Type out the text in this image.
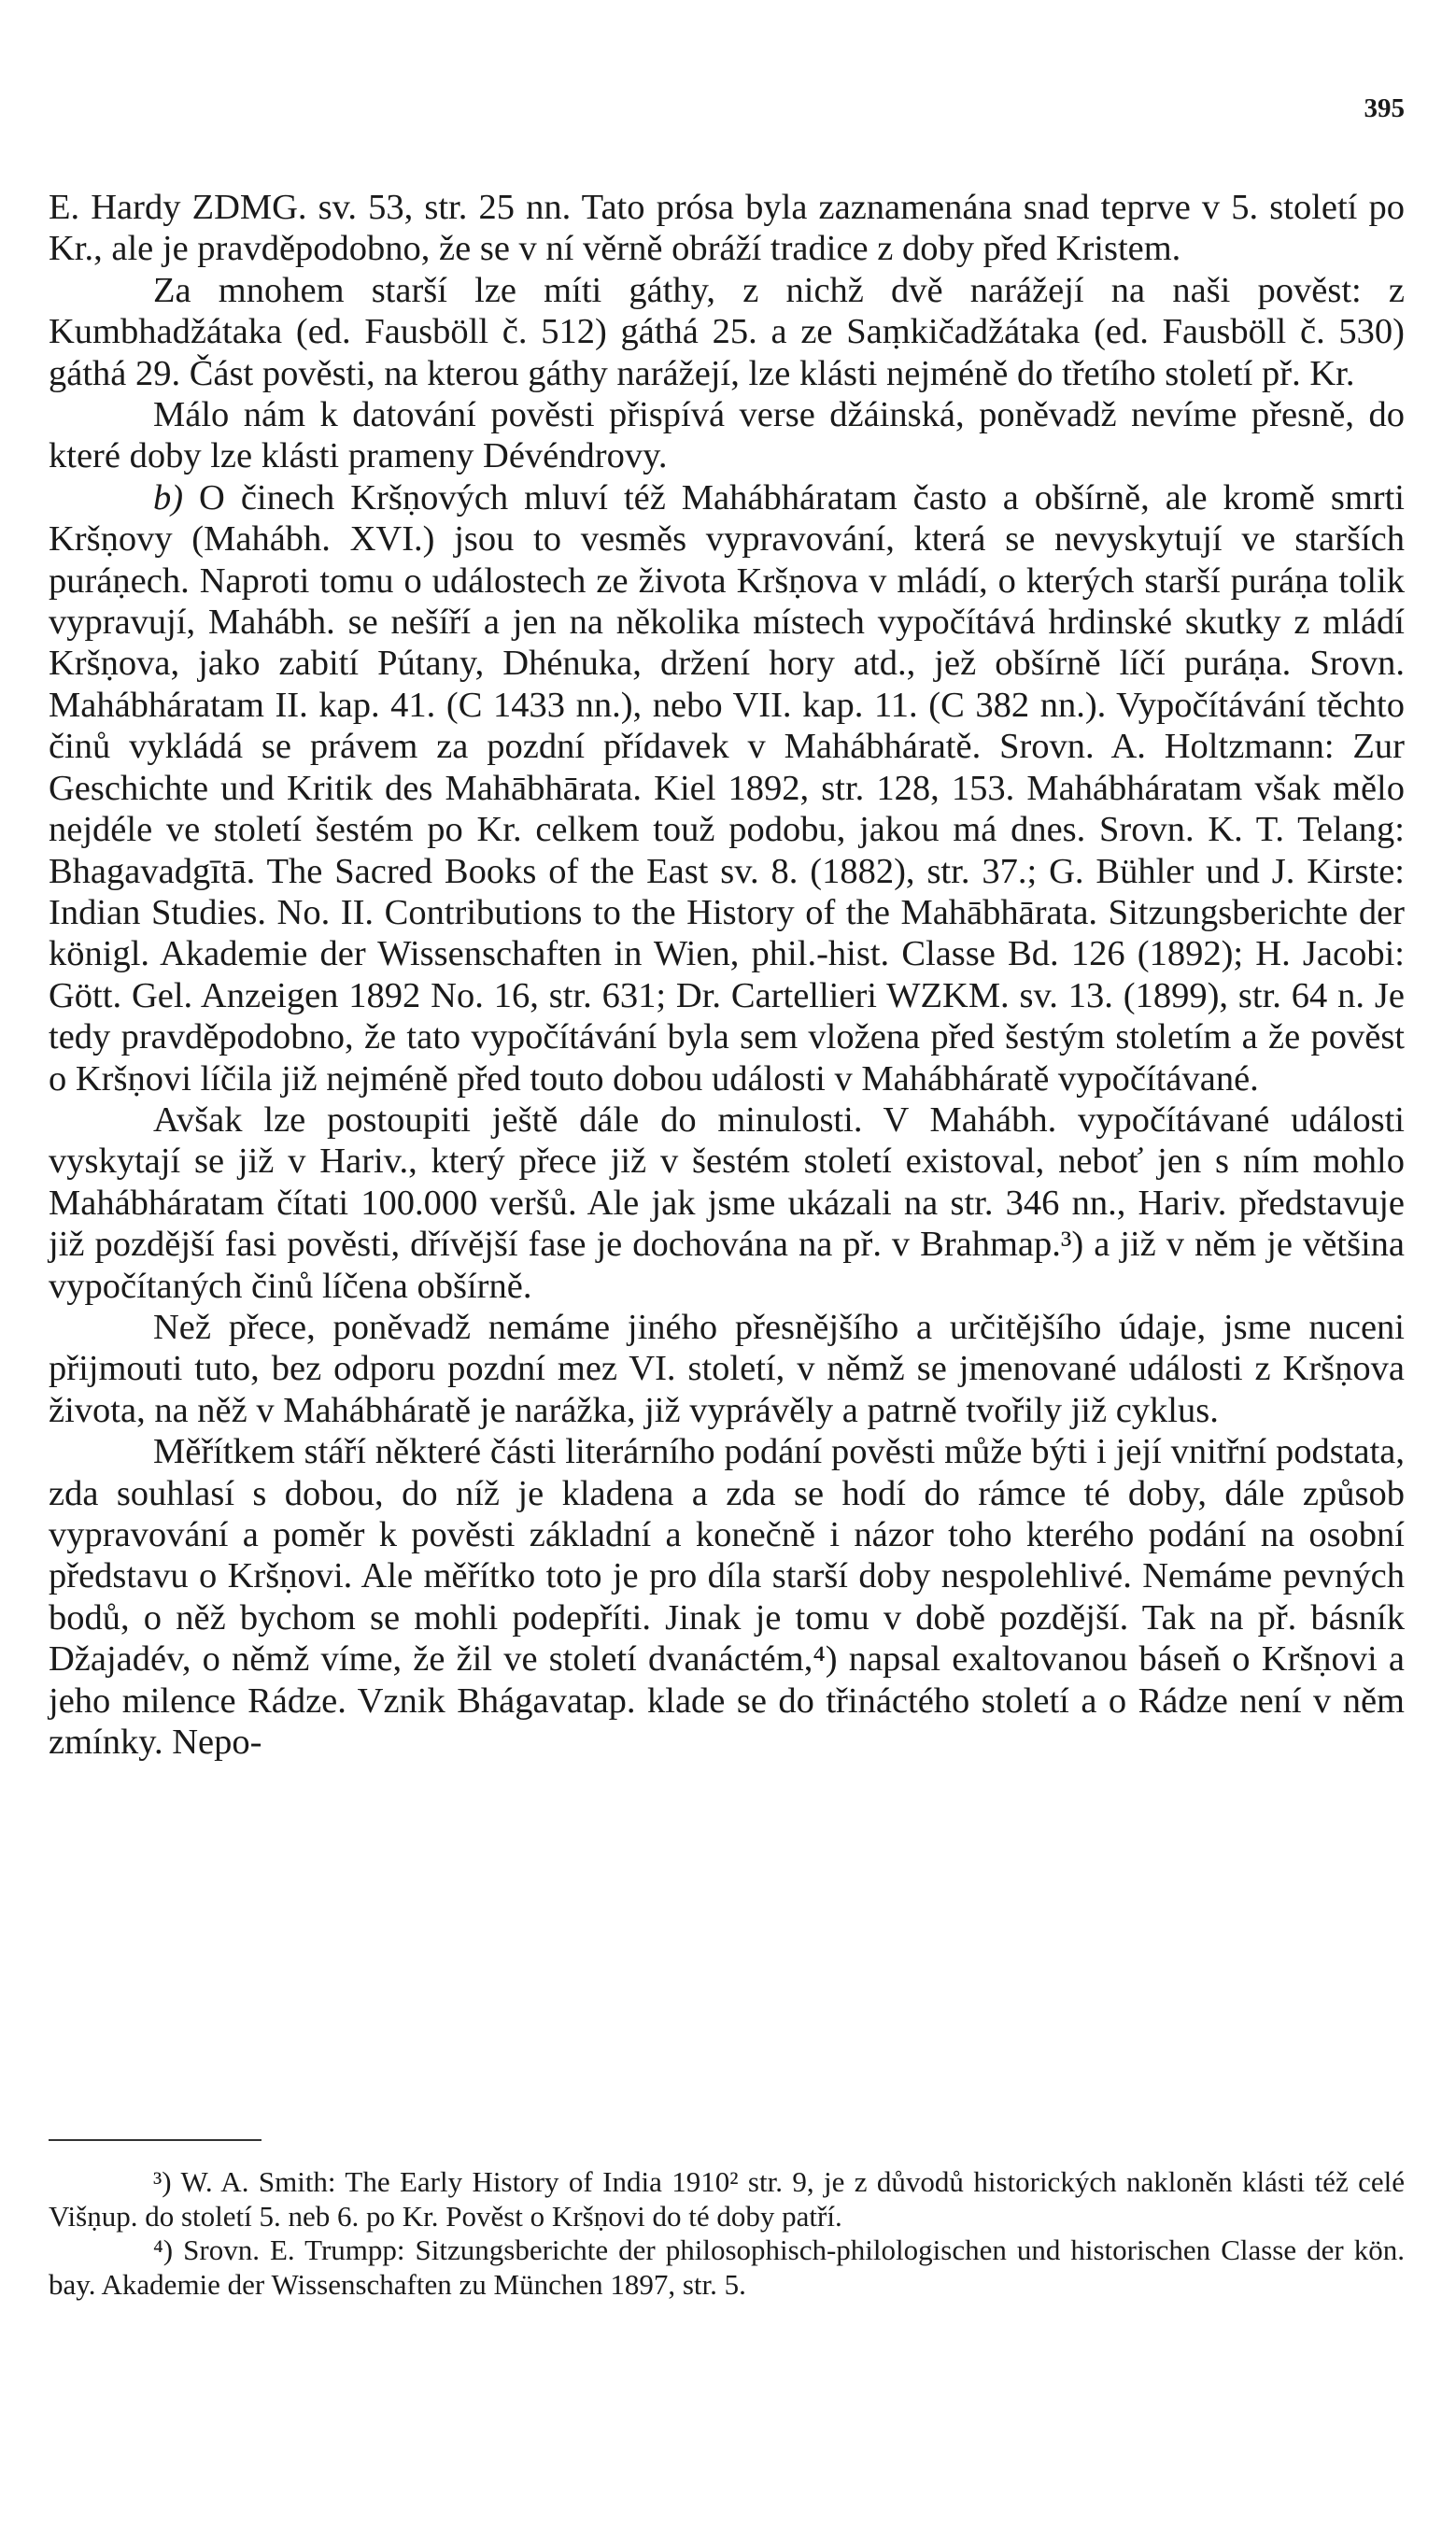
395

E. Hardy ZDMG. sv. 53, str. 25 nn. Tato prósa byla zaznamenána snad teprve v 5. století po Kr., ale je pravděpodobno, že se v ní věrně obráží tradice z doby před Kristem.

Za mnohem starší lze míti gáthy, z nichž dvě narážejí na naši pověst: z Kumbhadžátaka (ed. Fausböll č. 512) gáthá 25. a ze Saṃkičadžátaka (ed. Fausböll č. 530) gáthá 29. Část pověsti, na kterou gáthy narážejí, lze klásti nejméně do třetího století př. Kr.

Málo nám k datování pověsti přispívá verse džáinská, poněvadž nevíme přesně, do které doby lze klásti prameny Dévéndrovy.

b) O činech Kršṇových mluví též Mahábháratam často a obšírně, ale kromě smrti Kršṇovy (Mahábh. XVI.) jsou to vesměs vypravování, která se nevyskytují ve starších puráṇech. Naproti tomu o událostech ze života Kršṇova v mládí, o kterých starší puráṇa tolik vypravují, Mahábh. se nešíří a jen na několika místech vypočítává hrdinské skutky z mládí Kršṇova, jako zabití Pútany, Dhénuka, držení hory atd., jež obšírně líčí puráṇa. Srovn. Mahábháratam II. kap. 41. (C 1433 nn.), nebo VII. kap. 11. (C 382 nn.). Vypočítávání těchto činů vykládá se právem za pozdní přídavek v Mahábháratě. Srovn. A. Holtzmann: Zur Geschichte und Kritik des Mahābhārata. Kiel 1892, str. 128, 153. Mahábháratam však mělo nejdéle ve století šestém po Kr. celkem touž podobu, jakou má dnes. Srovn. K. T. Telang: Bhagavadgītā. The Sacred Books of the East sv. 8. (1882), str. 37.; G. Bühler und J. Kirste: Indian Studies. No. II. Contributions to the History of the Mahābhārata. Sitzungsberichte der königl. Akademie der Wissenschaften in Wien, phil.-hist. Classe Bd. 126 (1892); H. Jacobi: Gött. Gel. Anzeigen 1892 No. 16, str. 631; Dr. Cartellieri WZKM. sv. 13. (1899), str. 64 n. Je tedy pravděpodobno, že tato vypočítávání byla sem vložena před šestým stoletím a že pověst o Kršṇovi líčila již nejméně před touto dobou události v Mahábháratě vypočítávané.

Avšak lze postoupiti ještě dále do minulosti. V Mahábh. vypočítávané události vyskytají se již v Hariv., který přece již v šestém století existoval, neboť jen s ním mohlo Mahábháratam čítati 100.000 veršů. Ale jak jsme ukázali na str. 346 nn., Hariv. představuje již pozdější fasi pověsti, dřívější fase je dochována na př. v Brahmap.³) a již v něm je většina vypočítaných činů líčena obšírně.

Než přece, poněvadž nemáme jiného přesnějšího a určitějšího údaje, jsme nuceni přijmouti tuto, bez odporu pozdní mez VI. století, v němž se jmenované události z Kršṇova života, na něž v Mahábháratě je narážka, již vyprávěly a patrně tvořily již cyklus.

Měřítkem stáří některé části literárního podání pověsti může býti i její vnitřní podstata, zda souhlasí s dobou, do níž je kladena a zda se hodí do rámce té doby, dále způsob vypravování a poměr k pověsti základní a konečně i názor toho kterého podání na osobní představu o Kršṇovi. Ale měřítko toto je pro díla starší doby nespolehlivé. Nemáme pevných bodů, o něž bychom se mohli podepříti. Jinak je tomu v době pozdější. Tak na př. básník Džajadév, o němž víme, že žil ve století dvanáctém,⁴) napsal exaltovanou báseň o Kršṇovi a jeho milence Rádze. Vznik Bhágavatap. klade se do třináctého století a o Rádze není v něm zmínky. Nepo-

³) W. A. Smith: The Early History of India 1910² str. 9, je z důvodů historických nakloněn klásti též celé Višṇup. do století 5. neb 6. po Kr. Pověst o Kršṇovi do té doby patří.

⁴) Srovn. E. Trumpp: Sitzungsberichte der philosophisch-philologischen und historischen Classe der kön. bay. Akademie der Wissenschaften zu München 1897, str. 5.
